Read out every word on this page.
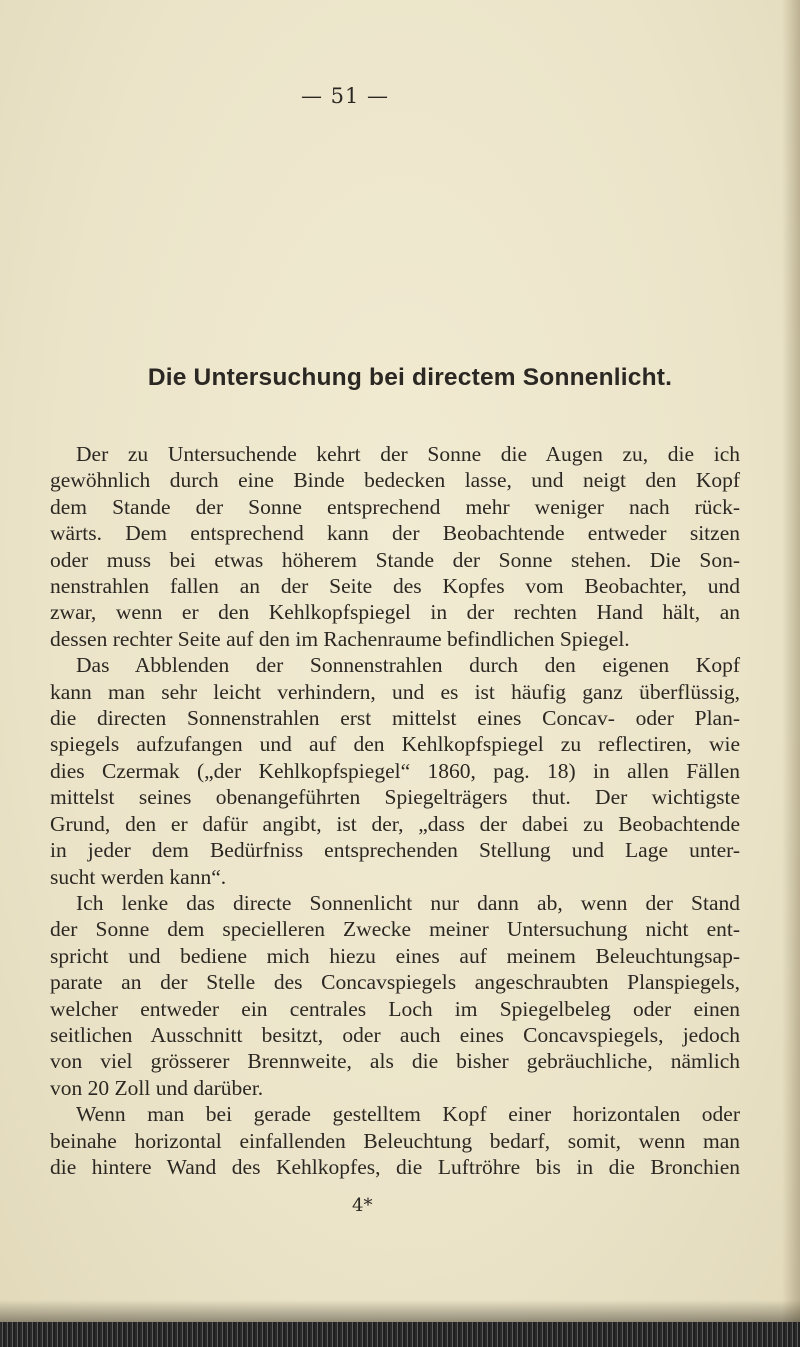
— 51 —
Die Untersuchung bei directem Sonnenlicht.
Der zu Untersuchende kehrt der Sonne die Augen zu, die ich
gewöhnlich durch eine Binde bedecken lasse, und neigt den Kopf
dem Stande der Sonne entsprechend mehr weniger nach rück-
wärts. Dem entsprechend kann der Beobachtende entweder sitzen
oder muss bei etwas höherem Stande der Sonne stehen. Die Son-
nenstrahlen fallen an der Seite des Kopfes vom Beobachter, und
zwar, wenn er den Kehlkopfspiegel in der rechten Hand hält, an
dessen rechter Seite auf den im Rachenraume befindlichen Spiegel.
Das Abblenden der Sonnenstrahlen durch den eigenen Kopf
kann man sehr leicht verhindern, und es ist häufig ganz überflüssig,
die directen Sonnenstrahlen erst mittelst eines Concav- oder Plan-
spiegels aufzufangen und auf den Kehlkopfspiegel zu reflectiren, wie
dies Czermak („der Kehlkopfspiegel“ 1860, pag. 18) in allen Fällen
mittelst seines obenangeführten Spiegelträgers thut. Der wichtigste
Grund, den er dafür angibt, ist der, „dass der dabei zu Beobachtende
in jeder dem Bedürfniss entsprechenden Stellung und Lage unter-
sucht werden kann“.
Ich lenke das directe Sonnenlicht nur dann ab, wenn der Stand
der Sonne dem specielleren Zwecke meiner Untersuchung nicht ent-
spricht und bediene mich hiezu eines auf meinem Beleuchtungsap-
parate an der Stelle des Concavspiegels angeschraubten Planspiegels,
welcher entweder ein centrales Loch im Spiegelbeleg oder einen
seitlichen Ausschnitt besitzt, oder auch eines Concavspiegels, jedoch
von viel grösserer Brennweite, als die bisher gebräuchliche, nämlich
von 20 Zoll und darüber.
Wenn man bei gerade gestelltem Kopf einer horizontalen oder
beinahe horizontal einfallenden Beleuchtung bedarf, somit, wenn man
die hintere Wand des Kehlkopfes, die Luftröhre bis in die Bronchien
4*
